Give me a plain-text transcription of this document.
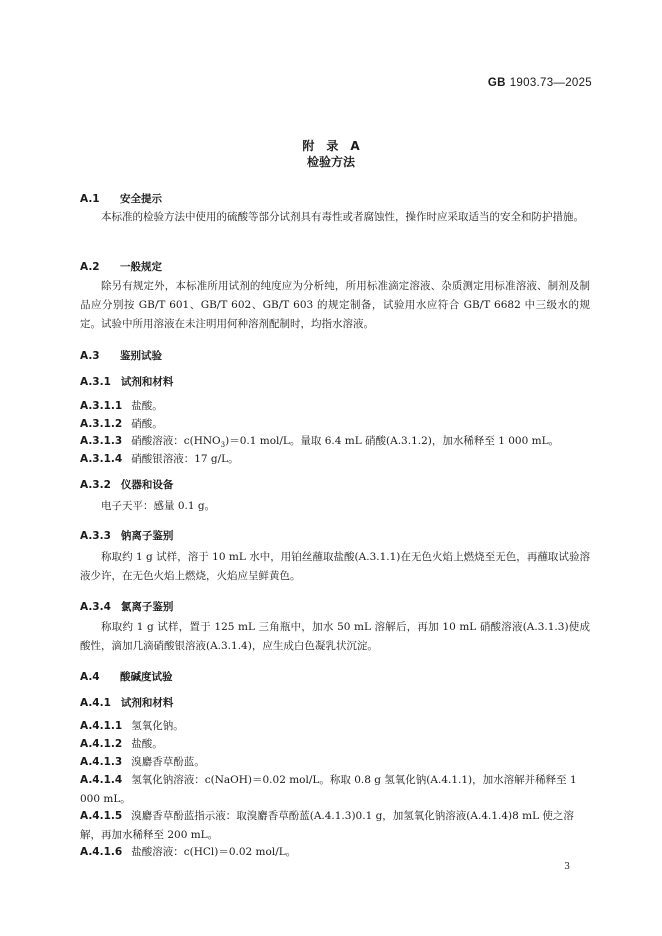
GB 1903.73—2025
附　录　A
检验方法
A.1 安全提示
本标准的检验方法中使用的硫酸等部分试剂具有毒性或者腐蚀性，操作时应采取适当的安全和防护措施。
A.2 一般规定
除另有规定外，本标准所用试剂的纯度应为分析纯，所用标准滴定溶液、杂质测定用标准溶液、制剂及制品应分别按 GB/T 601、GB/T 602、GB/T 603 的规定制备，试验用水应符合 GB/T 6682 中三级水的规定。试验中所用溶液在未注明用何种溶剂配制时，均指水溶液。
A.3 鉴别试验
A.3.1 试剂和材料
A.3.1.1 盐酸。
A.3.1.2 硝酸。
A.3.1.3 硝酸溶液：$c(HNO_3)=0.1$ mol/L。量取 6.4 mL 硝酸(A.3.1.2)，加水稀释至 1 000 mL。
A.3.1.4 硝酸银溶液：17 g/L。
A.3.2 仪器和设备
电子天平：感量 0.1 g。
A.3.3 钠离子鉴别
称取约 1 g 试样，溶于 10 mL 水中，用铂丝蘸取盐酸(A.3.1.1)在无色火焰上燃烧至无色，再蘸取试验溶液少许，在无色火焰上燃烧，火焰应呈鲜黄色。
A.3.4 氯离子鉴别
称取约 1 g 试样，置于 125 mL 三角瓶中，加水 50 mL 溶解后，再加 10 mL 硝酸溶液(A.3.1.3)使成酸性，滴加几滴硝酸银溶液(A.3.1.4)，应生成白色凝乳状沉淀。
A.4 酸碱度试验
A.4.1 试剂和材料
A.4.1.1 氢氧化钠。
A.4.1.2 盐酸。
A.4.1.3 溴麝香草酚蓝。
A.4.1.4 氢氧化钠溶液：c(NaOH)＝0.02 mol/L。称取 0.8 g 氢氧化钠(A.4.1.1)，加水溶解并稀释至 1 000 mL。
A.4.1.5 溴麝香草酚蓝指示液：取溴麝香草酚蓝(A.4.1.3)0.1 g，加氢氧化钠溶液(A.4.1.4)8 mL 使之溶解，再加水稀释至 200 mL。
A.4.1.6 盐酸溶液：c(HCl)＝0.02 mol/L。
3
